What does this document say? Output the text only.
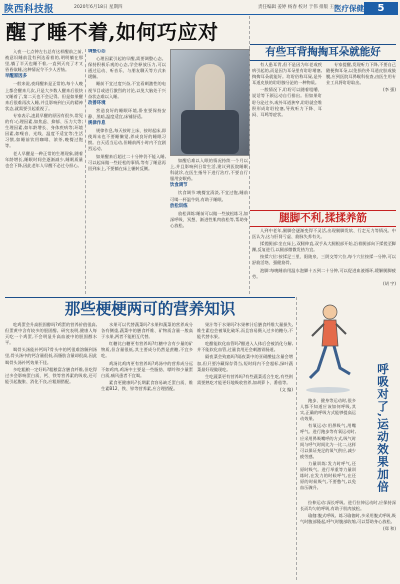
陕西科技报	2020年6月18日 星期四	责任编辑 姜婷 杨春 校对 于伟 排版 王娟
医疗保健	5
醒了睡不着,如何巧应对

入夜一七点钟左右总有这样醒前之前,被意识睡前没有到达看着的,明明躺在那里,躺了半天也睡不着,一直到天亮了才又昏昏欲睡,这种情况令不少人苦恼。

早醒原因多

一般来说,夜间醒来是正常的,每个人晚上都会醒来几次,只是大多数人醒来后很快又睡着了,第二天也不会记得。但是如果醒来后很难再次入睡,并且影响到白天的精神状态,就需要引起重视了。

专家表示,凌晨早醒的原因有很多,常见的有:心理因素,如焦虑、抑郁、压力大等;生理因素,如年龄增长、身体疾病等;环境因素,如噪音、光线、温度不适宜等;生活习惯,如睡前饮用咖啡、浓茶,晚餐过饱等。

老人早醒是一种正常的生理现象,随着年龄增长,睡眠时间会逐渐减少,睡眠质量也会下降,因此老年人早醒不必过分担心。

调整心态

心理因素引起的早醒,需要调整心态。保持积极乐观的心态,学会释放压力,可以通过运动、听音乐、与朋友聊天等方式来缓解。

睡前不宜过度兴奋,不宜看刺激性的电视节目或进行激烈的讨论,以免大脑处于兴奋状态难以入睡。

改善环境

营造良好的睡眠环境,卧室要保持安静、黑暗,温度适宜,床铺舒适。

规律作息

规律作息,每天按时上床、按时起床,即使周末也不要睡懒觉,养成良好的睡眠习惯。白天适当运动,但睡前两小时内不宜剧烈运动。

如果醒来后超过二十分钟仍不能入睡,可以起床做一些轻松的事情,等有了睡意再回到床上,不要躺在床上辗转反侧。

如醒后难以入眠的情况持续一个月以上,并且影响到日常生活,建议到医院睡眠科就诊,在医生指导下进行治疗,不要自行服用安眠药。

饮食调节

饮食调节:晚餐宜清淡,不宜过饱,睡前可喝一杯温牛奶,有助于睡眠。

放松训练

放松训练:睡前可以做一些放松练习,如深呼吸、冥想、渐进性肌肉放松等,帮助身心放松。

有些耳背掏掏耳朵就能好

有人患耳背,但不是因为年老或疾病引起的,而是因为耳朵里有耵聍堵塞,掏掏耳朵就能好。耵聍俗称耳屎,是外耳道皮肤的耵聍腺分泌的一种物质。

一般情况下,耵聍可以随着咀嚼、说话等下颌运动自行排出。但如果耵聍分泌过多,或外耳道狭窄,耵聍就会堆积形成耵聍栓塞,导致听力下降、耳闷、耳鸣等症状。

专家提醒,发现听力下降,不要自己随便掏耳朵,以免损伤外耳道皮肤或鼓膜,应到医院耳鼻喉科检查,由医生用专业工具将耵聍取出。

(李 强)
腿脚不利,揉揉养筋

人到中老年,腿脚会逐渐变得不灵活,出现腿脚发软、行走无力等情况。中医认为,这与肝肾亏虚、筋脉失养有关。

揉搓腿部:坐在床上,双腿伸直,双手从大腿根部开始,沿着腿部向下揉搓至脚踝,反复进行,以腿部微微发热为宜。

按揉穴位:按揉足三里、阳陵泉、三阴交等穴位,每个穴位按揉一分钟,可以舒筋活络、强健筋骨。

泡脚:每晚睡前用温水泡脚十五到二十分钟,可以促进血液循环,缓解腿脚疲劳。

(胡 宇)
那些梗梗两可的营养知识

吃鸡蛋会升高胆固醇吗?鸡蛋的营养价值很高,但蛋黄中含有较多的胆固醇。研究表明,健康人每天吃一个鸡蛋,不会明显升高血液中的胆固醇水平。

喝骨头汤能补钙吗?骨头中的钙很难溶解到汤里,骨头汤中的钙含量很低,而脂肪含量却很高,因此喝骨头汤补钙效果不佳。

多吃粗粮一定好吗?粗粮富含膳食纤维,但吃得过多会影响蛋白质、钙、铁等营养素的吸收,还可能引起腹胀、消化不良,应粗细搭配。

水果可以代替蔬菜吗?水果和蔬菜的营养成分各有侧重,蔬菜中的膳食纤维、矿物质含量一般高于水果,两者不能相互代替。

红糖比白糖更有营养吗?红糖中含有少量的矿物质,但含量很低,其主要成分仍然是蔗糖,不宜多吃。

鸡汤比鸡肉更有营养吗?鸡汤中的营养成分远不如鸡肉,鸡汤中主要是一些脂肪、嘌呤和少量蛋白质,痛风患者不宜喝。

素食更健康吗?长期素食容易缺乏蛋白质、维生素B12、铁、锌等营养素,应合理搭配。

果汁等于水果吗?水果榨汁后膳食纤维大量损失,维生素也会被氧化破坏,而且容易摄入过多的糖分,不能代替水果。

吃醋能软化血管吗?醋进入人体后会被消化分解,并不能软化血管,过量食用还会刺激胃肠道。

隔夜菜会致癌吗?隔夜菜中的亚硝酸盐含量会增加,但只要冷藏保存得当,短时间内不会超标,绿叶蔬菜最好现做现吃。

生吃蔬菜更有营养吗?有些蔬菜适合生吃,有些则需要熟吃才能更好地吸收营养,如胡萝卜、番茄等。

(文 编)

跑步、健身等运动时,很多人都不知道应该如何呼吸,其实,正确的呼吸方式能够提高运动效果。

有氧运动:用鼻吸气,用嘴呼气。进行跑步等有氧运动时,应采用鼻吸嘴呼的方式,吸气时间与呼气时间比为一比二,这样可以保证充足的氧气供应,减少疲劳感。

力量训练:发力时呼气,还原时吸气。进行举重等力量训练时,在发力的时候呼气,在还原的时候吸气,不要憋气,以免血压骤升。	呼吸对了,运动效果加倍

拉伸运动:深长呼吸。进行拉伸运动时,应保持深长而均匀的呼吸,有助于肌肉放松。

瑜伽:腹式呼吸。练习瑜伽时,多采用腹式呼吸,吸气时腹部隆起,呼气时腹部收缩,可以帮助身心放松。

(郑 和)
